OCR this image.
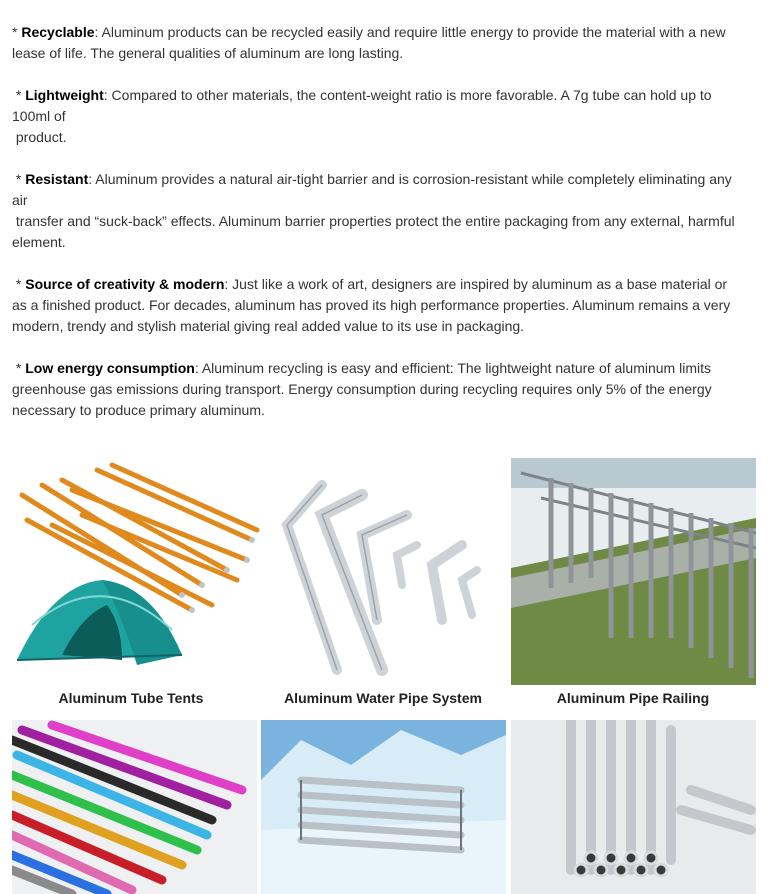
* Recyclable: Aluminum products can be recycled easily and require little energy to provide the material with a new
lease of life. The general qualities of aluminum are long lasting.

* Lightweight: Compared to other materials, the content-weight ratio is more favorable. A 7g tube can hold up to
100ml of
product.

* Resistant: Aluminum provides a natural air-tight barrier and is corrosion-resistant while completely eliminating any
air
transfer and “suck-back” effects. Aluminum barrier properties protect the entire packaging from any external, harmful
element.

* Source of creativity & modern: Just like a work of art, designers are inspired by aluminum as a base material or
as a finished product. For decades, aluminum has proved its high performance properties. Aluminum remains a very
modern, trendy and stylish material giving real added value to its use in packaging.

* Low energy consumption: Aluminum recycling is easy and efficient: The lightweight nature of aluminum limits
greenhouse gas emissions during transport. Energy consumption during recycling requires only 5% of the energy
necessary to produce primary aluminum.

Aluminum Tube Tents	Aluminum Water Pipe System	Aluminum Pipe Railing
